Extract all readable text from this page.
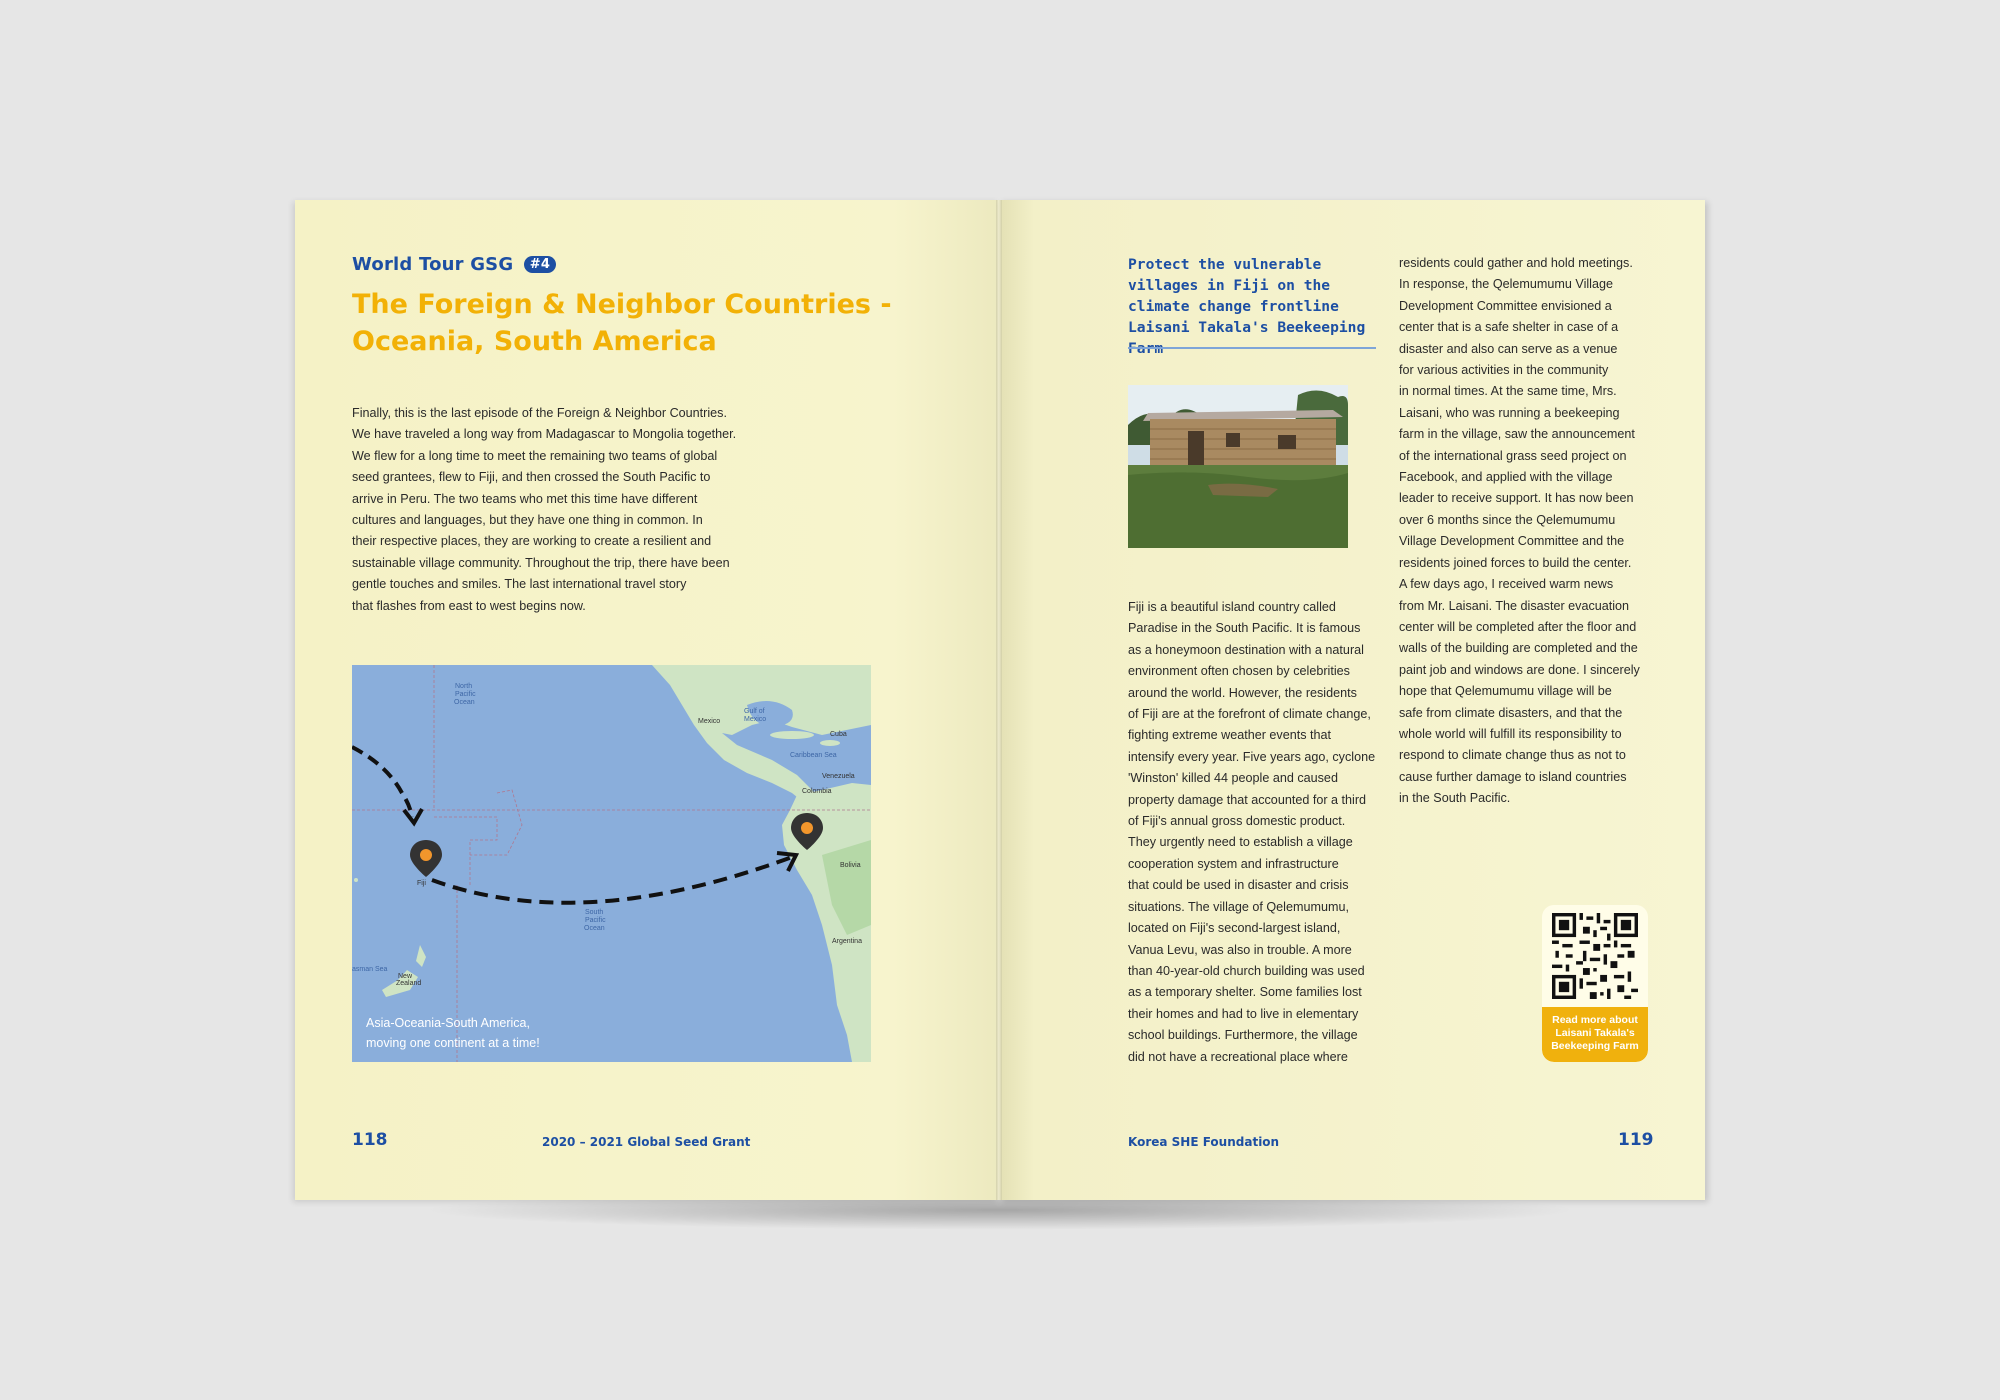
World Tour GSG #4
The Foreign & Neighbor Countries - Oceania, South America
Finally, this is the last episode of the Foreign & Neighbor Countries.
We have traveled a long way from Madagascar to Mongolia together.
We flew for a long time to meet the remaining two teams of global
seed grantees, flew to Fiji, and then crossed the South Pacific to
arrive in Peru. The two teams who met this time have different
cultures and languages, but they have one thing in common. In
their respective places, they are working to create a resilient and
sustainable village community. Throughout the trip, there have been
gentle touches and smiles. The last international travel story
that flashes from east to west begins now.
North
Pacific
Ocean
South
Pacific
Ocean
Gulf of
Mexico
Mexico
Caribbean Sea
Venezuela
Colombia
Bolivia
Argentina
Fiji
New
Zealand
asman Sea
Cuba
Asia-Oceania-South America,
moving one continent at a time!
118	2020 – 2021 Global Seed Grant
Protect the vulnerable villages in Fiji on the climate change frontline Laisani Takala's Beekeeping
Fiji is a beautiful island country called
Paradise in the South Pacific. It is famous
as a honeymoon destination with a natural
environment often chosen by celebrities
around the world. However, the residents
of Fiji are at the forefront of climate change,
fighting extreme weather events that
intensify every year. Five years ago, cyclone
'Winston' killed 44 people and caused
property damage that accounted for a third
of Fiji's annual gross domestic product.
They urgently need to establish a village
cooperation system and infrastructure
that could be used in disaster and crisis
situations. The village of Qelemumumu,
located on Fiji's second-largest island,
Vanua Levu, was also in trouble. A more
than 40-year-old church building was used
as a temporary shelter. Some families lost
their homes and had to live in elementary
school buildings. Furthermore, the village
did not have a recreational place where
residents could gather and hold meetings.
In response, the Qelemumumu Village
Development Committee envisioned a
center that is a safe shelter in case of a
disaster and also can serve as a venue
for various activities in the community
in normal times. At the same time, Mrs.
Laisani, who was running a beekeeping
farm in the village, saw the announcement
of the international grass seed project on
Facebook, and applied with the village
leader to receive support. It has now been
over 6 months since the Qelemumumu
Village Development Committee and the
residents joined forces to build the center.
A few days ago, I received warm news
from Mr. Laisani. The disaster evacuation
center will be completed after the floor and
walls of the building are completed and the
paint job and windows are done. I sincerely
hope that Qelemumumu village will be
safe from climate disasters, and that the
whole world will fulfill its responsibility to
respond to climate change thus as not to
cause further damage to island countries
in the South Pacific.
Read more about
Laisani Takala's
Beekeeping Farm
Korea SHE Foundation	119
